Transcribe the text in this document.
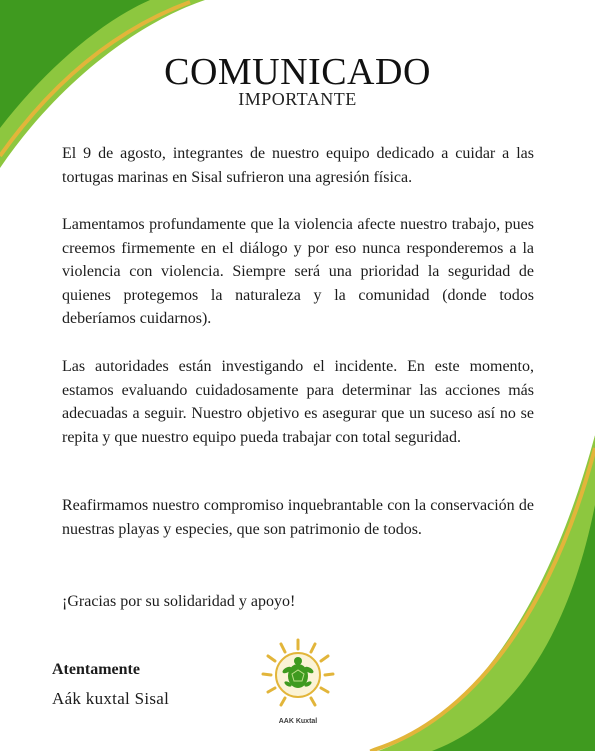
COMUNICADO
IMPORTANTE

El 9 de agosto, integrantes de nuestro equipo dedicado a cuidar a las tortugas marinas en Sisal sufrieron una agresión física.

Lamentamos profundamente que la violencia afecte nuestro trabajo, pues creemos firmemente en el diálogo y por eso nunca responderemos a la violencia con violencia. Siempre será una prioridad la seguridad de quienes protegemos la naturaleza y la comunidad (donde todos deberíamos cuidarnos).

Las autoridades están investigando el incidente. En este momento, estamos evaluando cuidadosamente para determinar las acciones más adecuadas a seguir. Nuestro objetivo es asegurar que un suceso así no se repita y que nuestro equipo pueda trabajar con total seguridad.

Reafirmamos nuestro compromiso inquebrantable con la conservación de nuestras playas y especies, que son patrimonio de todos.

¡Gracias por su solidaridad y apoyo!

Atentamente
Aák kuxtal Sisal
AAK Kuxtal
